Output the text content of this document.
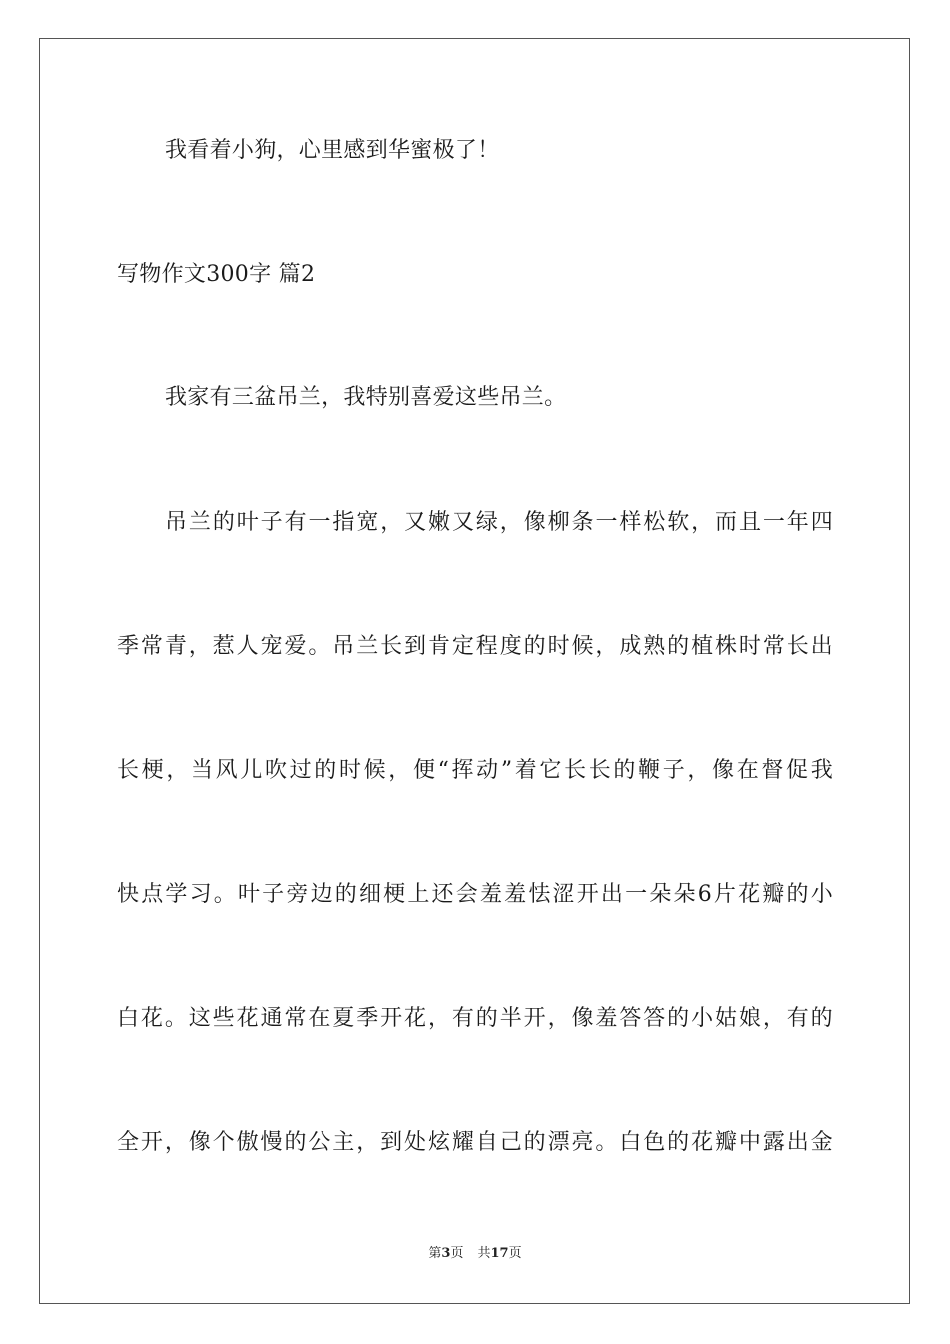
我看着小狗，心里感到华蜜极了！
写物作文300字 篇2
我家有三盆吊兰，我特别喜爱这些吊兰。
吊兰的叶子有一指宽，又嫩又绿，像柳条一样松软，而且一年四
季常青，惹人宠爱。吊兰长到肯定程度的时候，成熟的植株时常长出
长梗，当风儿吹过的时候，便“挥动”着它长长的鞭子，像在督促我
快点学习。叶子旁边的细梗上还会羞羞怯涩开出一朵朵6片花瓣的小
白花。这些花通常在夏季开花，有的半开，像羞答答的小姑娘，有的
全开，像个傲慢的公主，到处炫耀自己的漂亮。白色的花瓣中露出金
第3页 共17页
